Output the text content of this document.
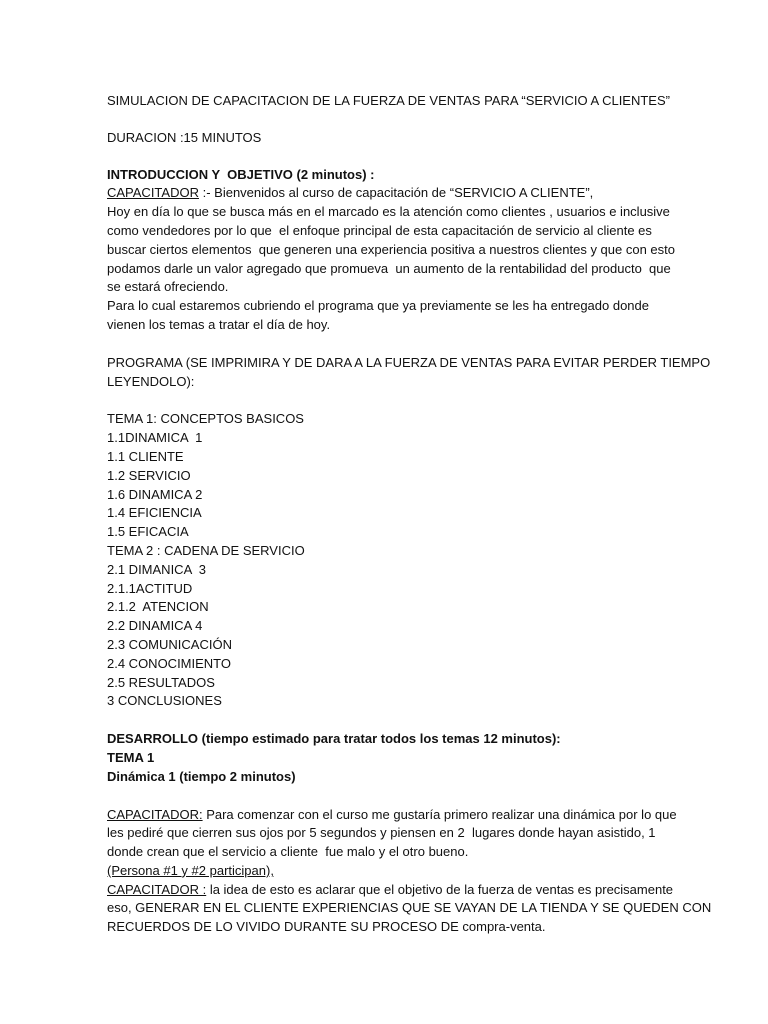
SIMULACION DE CAPACITACION DE LA FUERZA DE VENTAS PARA “SERVICIO A CLIENTES”
DURACION :15 MINUTOS
INTRODUCCION Y  OBJETIVO (2 minutos) :
CAPACITADOR :- Bienvenidos al curso de capacitación de “SERVICIO A CLIENTE”,
Hoy en día lo que se busca más en el marcado es la atención como clientes , usuarios e inclusive
como vendedores por lo que  el enfoque principal de esta capacitación de servicio al cliente es
buscar ciertos elementos  que generen una experiencia positiva a nuestros clientes y que con esto
podamos darle un valor agregado que promueva  un aumento de la rentabilidad del producto  que
se estará ofreciendo.
Para lo cual estaremos cubriendo el programa que ya previamente se les ha entregado donde
vienen los temas a tratar el día de hoy.
PROGRAMA (SE IMPRIMIRA Y DE DARA A LA FUERZA DE VENTAS PARA EVITAR PERDER TIEMPO
LEYENDOLO):
TEMA 1: CONCEPTOS BASICOS
1.1DINAMICA  1
1.1 CLIENTE
1.2 SERVICIO
1.6 DINAMICA 2
1.4 EFICIENCIA
1.5 EFICACIA
TEMA 2 : CADENA DE SERVICIO
2.1 DIMANICA  3
2.1.1ACTITUD
2.1.2  ATENCION
2.2 DINAMICA 4
2.3 COMUNICACIÓN
2.4 CONOCIMIENTO
2.5 RESULTADOS
3 CONCLUSIONES
DESARROLLO (tiempo estimado para tratar todos los temas 12 minutos):
TEMA 1
Dinámica 1 (tiempo 2 minutos)
CAPACITADOR: Para comenzar con el curso me gustaría primero realizar una dinámica por lo que
les pediré que cierren sus ojos por 5 segundos y piensen en 2  lugares donde hayan asistido, 1
donde crean que el servicio a cliente  fue malo y el otro bueno.
(Persona #1 y #2 participan),
CAPACITADOR : la idea de esto es aclarar que el objetivo de la fuerza de ventas es precisamente
eso, GENERAR EN EL CLIENTE EXPERIENCIAS QUE SE VAYAN DE LA TIENDA Y SE QUEDEN CON
RECUERDOS DE LO VIVIDO DURANTE SU PROCESO DE compra-venta.
